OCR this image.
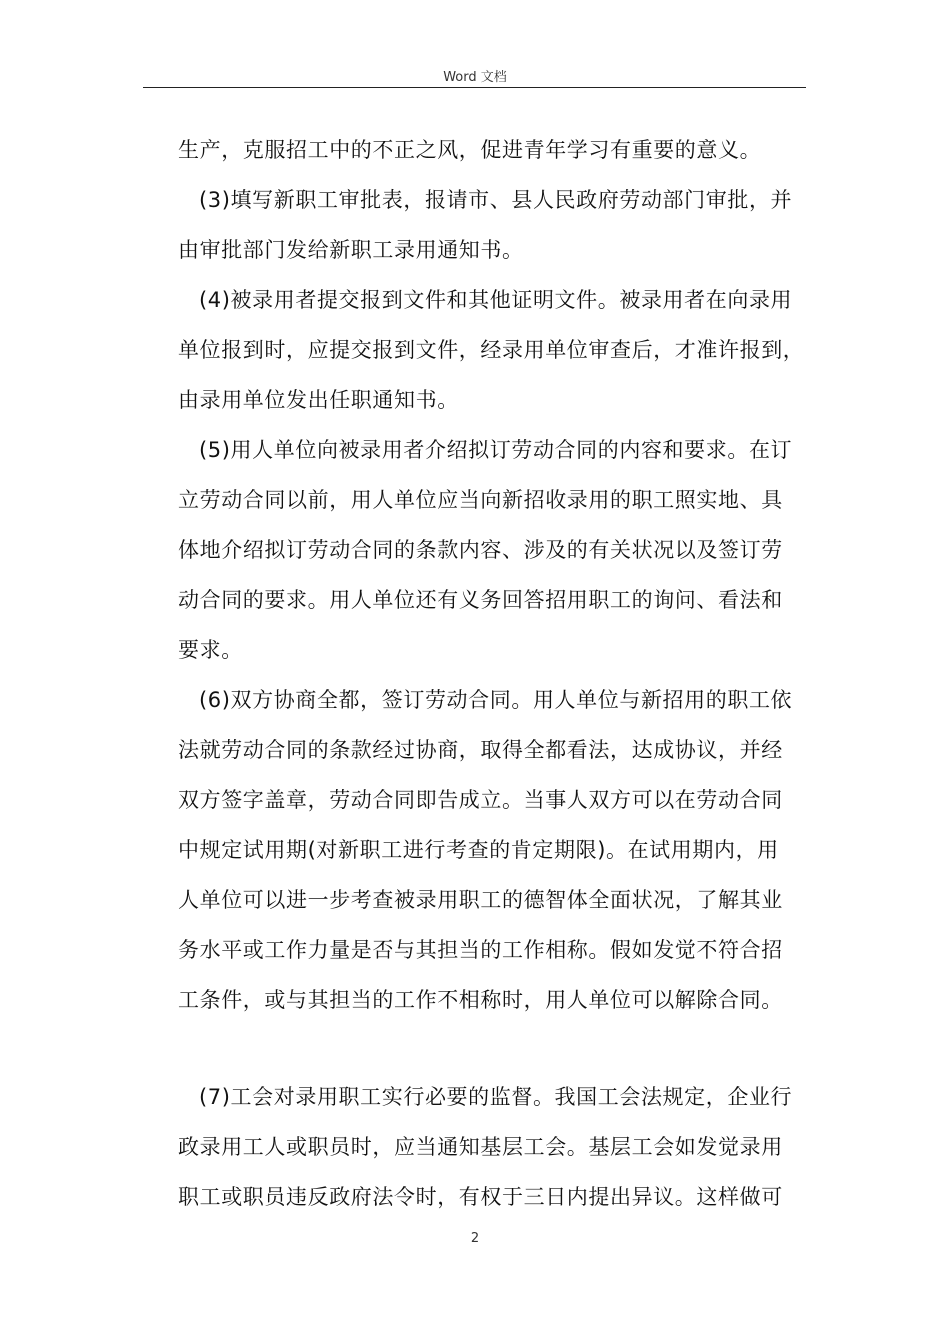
Word 文档
生产，克服招工中的不正之风，促进青年学习有重要的意义。
(3)填写新职工审批表，报请市、县人民政府劳动部门审批，并
由审批部门发给新职工录用通知书。
(4)被录用者提交报到文件和其他证明文件。被录用者在向录用
单位报到时，应提交报到文件，经录用单位审查后，才准许报到，
由录用单位发出任职通知书。
(5)用人单位向被录用者介绍拟订劳动合同的内容和要求。在订
立劳动合同以前，用人单位应当向新招收录用的职工照实地、具
体地介绍拟订劳动合同的条款内容、涉及的有关状况以及签订劳
动合同的要求。用人单位还有义务回答招用职工的询问、看法和
要求。
(6)双方协商全都，签订劳动合同。用人单位与新招用的职工依
法就劳动合同的条款经过协商，取得全都看法，达成协议，并经
双方签字盖章，劳动合同即告成立。当事人双方可以在劳动合同
中规定试用期(对新职工进行考查的肯定期限)。在试用期内，用
人单位可以进一步考查被录用职工的德智体全面状况，了解其业
务水平或工作力量是否与其担当的工作相称。假如发觉不符合招
工条件，或与其担当的工作不相称时，用人单位可以解除合同。
(7)工会对录用职工实行必要的监督。我国工会法规定，企业行
政录用工人或职员时，应当通知基层工会。基层工会如发觉录用
职工或职员违反政府法令时，有权于三日内提出异议。这样做可
2
